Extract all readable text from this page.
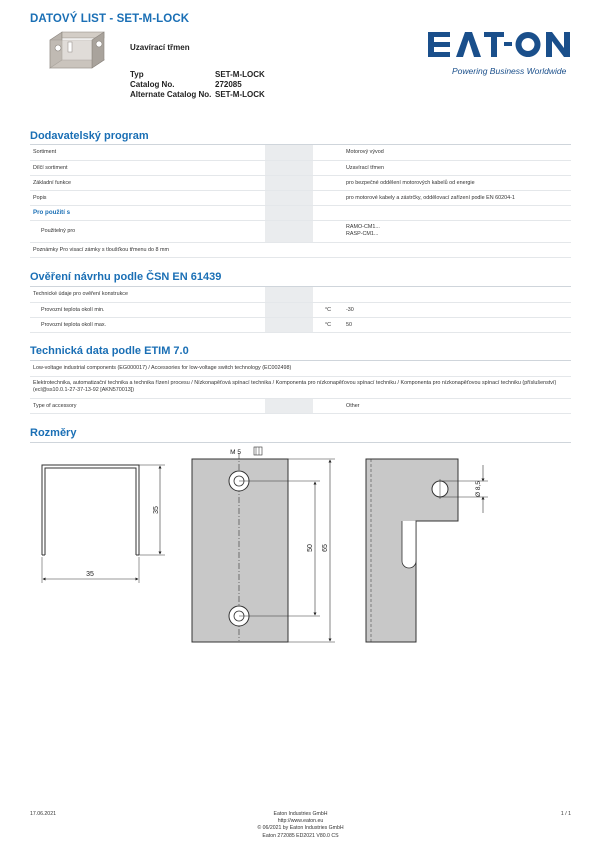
DATOVÝ LIST - SET-M-LOCK
Uzavírací třmen
Typ	SET-M-LOCK
Catalog No.	272085
Alternate Catalog No. SET-M-LOCK
Powering Business Worldwide
Dodavatelský program
Sortiment			Motorový vývod
Dílčí sortiment			Uzavírací třmen
Základní funkce			pro bezpečné oddělení motorových kabelů od energie
Popis			pro motorové kabely a zástrčky, oddělovací zařízení podle EN 60204-1
Pro použití s			
Použitelný pro			RAMO-CM1...
RASP-CM1...

Poznámky Pro visací zámky s tloušťkou třmenu do 8 mm			
Ověření návrhu podle ČSN EN 61439
Technické údaje pro ověření konstrukce			
Provozní teplota okolí min.		°C	-30
Provozní teplota okolí max.		°C	50
Technická data podle ETIM 7.0
Low-voltage industrial components (EG000017) / Accessories for low-voltage switch technology (EC002498)
Elektrotechnika, automatizační technika a technika řízení procesu / Nízkonapěťová spínací technika / Komponenta pro nízkonapěťovou spínací techniku / Komponenta pro nízkonapěťovou spínací techniku (příslušenství) (ecl@ss10.0.1-27-37-13-92 [AKN570013])
Type of accessory			Other
Rozměry
35
35
M 5
50 65
Ø 8,5
17.06.2021	Eaton Industries GmbH
http://www.eaton.eu
© 06/2021 by Eaton Industries GmbH
Eaton 272085 ED2021 V80.0 CS
1 / 1
